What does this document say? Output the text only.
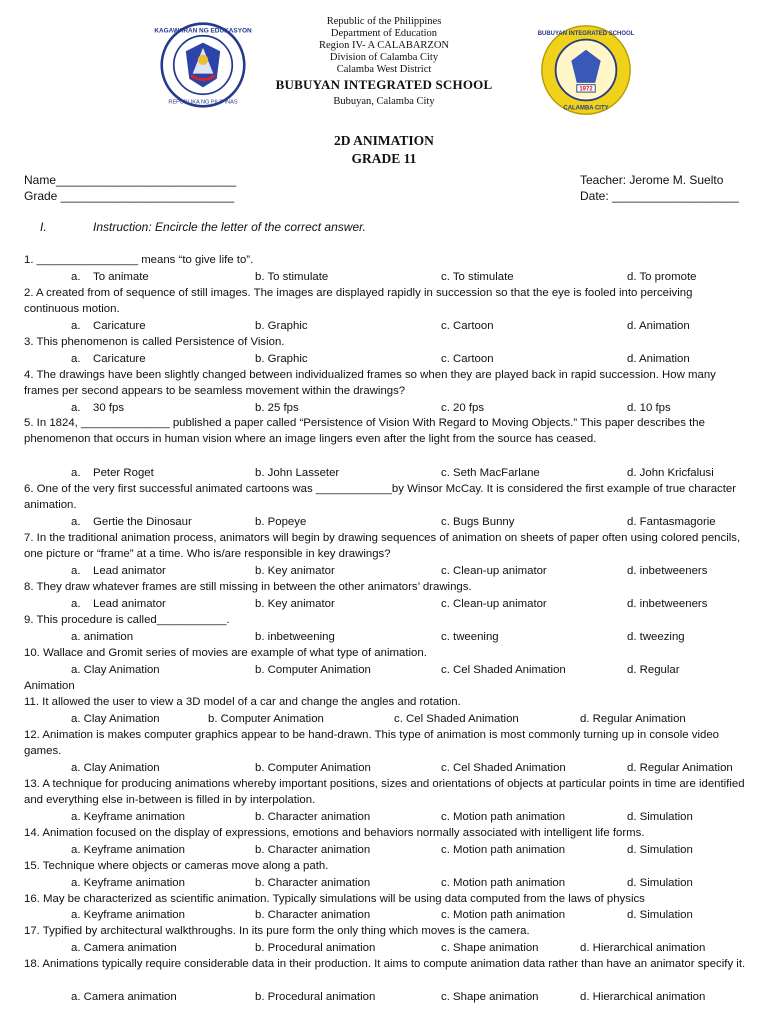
KAGAWARAN NG EDUKASYON
REPUBLIKA NG PILIPINAS
Republic of the Philippines
Department of Education
Region IV- A CALABARZON
Division of Calamba City
Calamba West District
BUBUYAN INTEGRATED SCHOOL
Bubuyan, Calamba City
1972
BUBUYAN INTEGRATED SCHOOL
CALAMBA CITY
2D ANIMATION
GRADE 11
Name___________________________
Grade __________________________
Teacher: Jerome M. Suelto
Date: ___________________
I.	Instruction: Encircle the letter of the correct answer.
1. ________________ means “to give life to”.
a. To animate	b. To stimulate	c. To stimulate	d. To promote
2. A created from of sequence of still images. The images are displayed rapidly in succession so that the eye is fooled into perceiving continuous motion.
a. Caricature	b. Graphic	c. Cartoon	d. Animation
3. This phenomenon is called Persistence of Vision.
a. Caricature	b. Graphic	c. Cartoon	d. Animation
4. The drawings have been slightly changed between individualized frames so when they are played back in rapid succession. How many frames per second appears to be seamless movement within the drawings?
a. 30 fps	b. 25 fps	c. 20 fps	d. 10 fps
5. In 1824, ______________ published a paper called “Persistence of Vision With Regard to Moving Objects.” This paper describes the phenomenon that occurs in human vision where an image lingers even after the light from the source has ceased.
a. Peter Roget	b. John Lasseter	c. Seth MacFarlane	d. John Kricfalusi
6. One of the very first successful animated cartoons was ____________by Winsor McCay. It is considered the first example of true character animation.
a. Gertie the Dinosaur	b. Popeye	c. Bugs Bunny	d. Fantasmagorie
7. In the traditional animation process, animators will begin by drawing sequences of animation on sheets of paper often using colored pencils, one picture or “frame” at a time. Who is/are responsible in key drawings?
a. Lead animator	b. Key animator	c. Clean-up animator	d. inbetweeners
8. They draw whatever frames are still missing in between the other animators’ drawings.
a. Lead animator	b. Key animator	c. Clean-up animator	d. inbetweeners
9. This procedure is called___________.
a. animation	b. inbetweening	c. tweening	d. tweezing
10. Wallace and Gromit series of movies are example of what type of animation.
a. Clay Animation	b. Computer Animation	c. Cel Shaded Animation	d. Regular
Animation
11. It allowed the user to view a 3D model of a car and change the angles and rotation.
a. Clay Animation	b. Computer Animation	c. Cel Shaded Animation	d. Regular Animation
12. Animation is makes computer graphics appear to be hand-drawn. This type of animation is most commonly turning up in console video games.
a. Clay Animation	b. Computer Animation	c. Cel Shaded Animation	d. Regular Animation
13. A technique for producing animations whereby important positions, sizes and orientations of objects at particular points in time are identified and everything else in-between is filled in by interpolation.
a. Keyframe animation	b. Character animation	c. Motion path animation	d. Simulation
14. Animation focused on the display of expressions, emotions and behaviors normally associated with intelligent life forms.
a. Keyframe animation	b. Character animation	c. Motion path animation	d. Simulation
15. Technique where objects or cameras move along a path.
a. Keyframe animation	b. Character animation	c. Motion path animation	d. Simulation
16. May be characterized as scientific animation. Typically simulations will be using data computed from the laws of physics
a. Keyframe animation	b. Character animation	c. Motion path animation	d. Simulation
17. Typified by architectural walkthroughs. In its pure form the only thing which moves is the camera.
a. Camera animation	b. Procedural animation	c. Shape animation	d. Hierarchical animation
18. Animations typically require considerable data in their production. It aims to compute animation data rather than have an animator specify it.
a. Camera animation	b. Procedural animation	c. Shape animation	d. Hierarchical animation
